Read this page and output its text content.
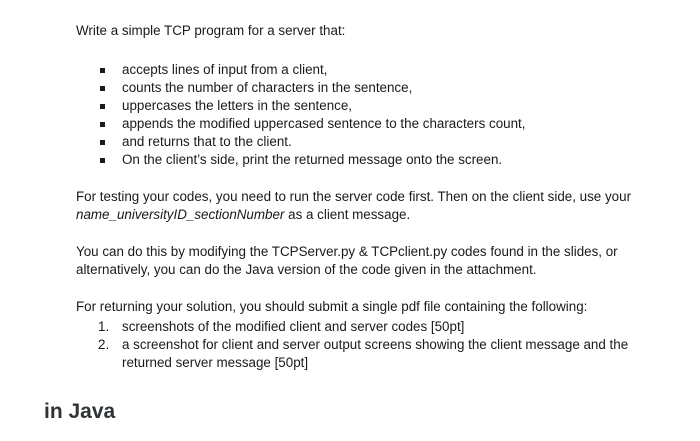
Write a simple TCP program for a server that:
accepts lines of input from a client,
counts the number of characters in the sentence,
uppercases the letters in the sentence,
appends the modified uppercased sentence to the characters count,
and returns that to the client.
On the client’s side, print the returned message onto the screen.
For testing your codes, you need to run the server code first. Then on the client side, use your
name_universityID_sectionNumber as a client message.
You can do this by modifying the TCPServer.py & TCPclient.py codes found in the slides, or
alternatively, you can do the Java version of the code given in the attachment.
For returning your solution, you should submit a single pdf file containing the following:
1. screenshots of the modified client and server codes [50pt]
2. a screenshot for client and server output screens showing the client message and the
returned server message [50pt]
in Java
